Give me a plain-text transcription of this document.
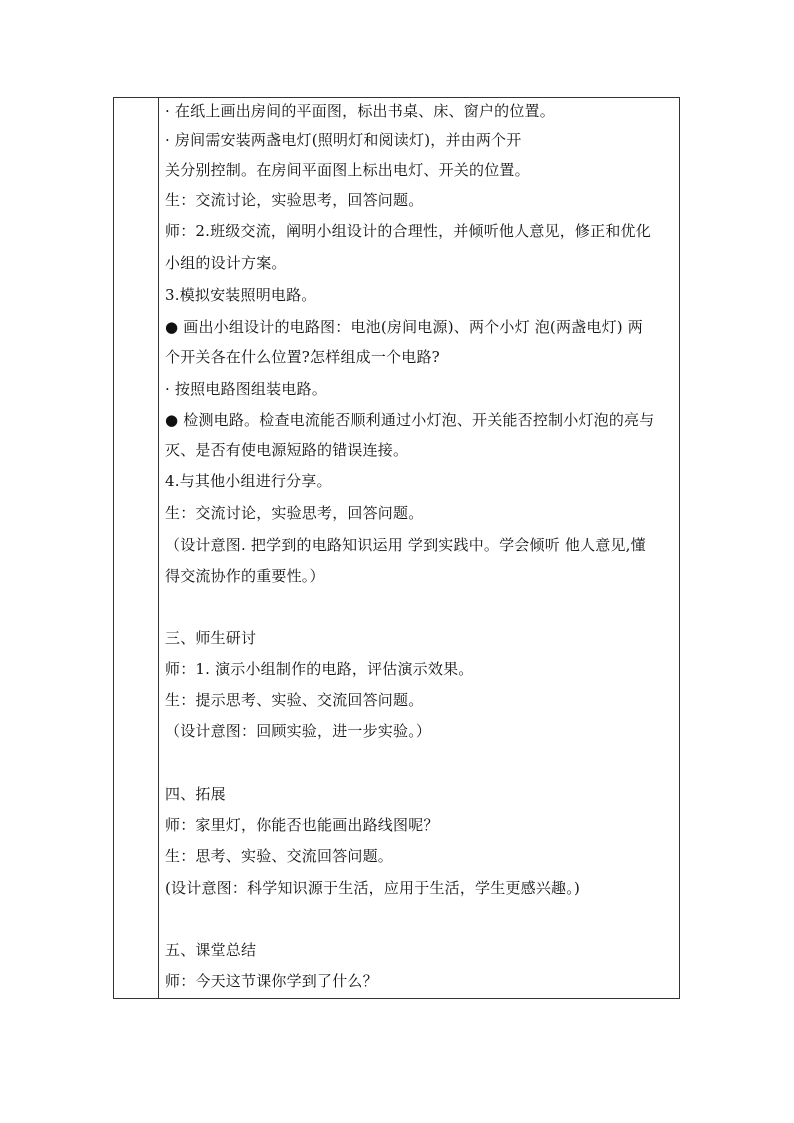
· 在纸上画出房间的平面图，标出书桌、床、窗户的位置。
· 房间需安装两盏电灯(照明灯和阅读灯)，并由两个开
关分别控制。在房间平面图上标出电灯、开关的位置。
生：交流讨论，实验思考，回答问题。
师：2.班级交流，阐明小组设计的合理性，并倾听他人意见，修正和优化
小组的设计方案。
3.模拟安装照明电路。
● 画出小组设计的电路图：电池(房间电源)、两个小灯 泡(两盏电灯) 两
个开关各在什么位置?怎样组成一个电路?
· 按照电路图组装电路。
● 检测电路。检查电流能否顺利通过小灯泡、开关能否控制小灯泡的亮与
灭、是否有使电源短路的错误连接。
4.与其他小组进行分享。
生：交流讨论，实验思考，回答问题。
（设计意图. 把学到的电路知识运用 学到实践中。学会倾听 他人意见,懂
得交流协作的重要性。）
三、师生研讨
师：1. 演示小组制作的电路，评估演示效果。
生：提示思考、实验、交流回答问题。
（设计意图：回顾实验，进一步实验。）
四、拓展
师：家里灯，你能否也能画出路线图呢？
生：思考、实验、交流回答问题。
(设计意图：科学知识源于生活，应用于生活，学生更感兴趣。)
五、课堂总结
师：今天这节课你学到了什么？
